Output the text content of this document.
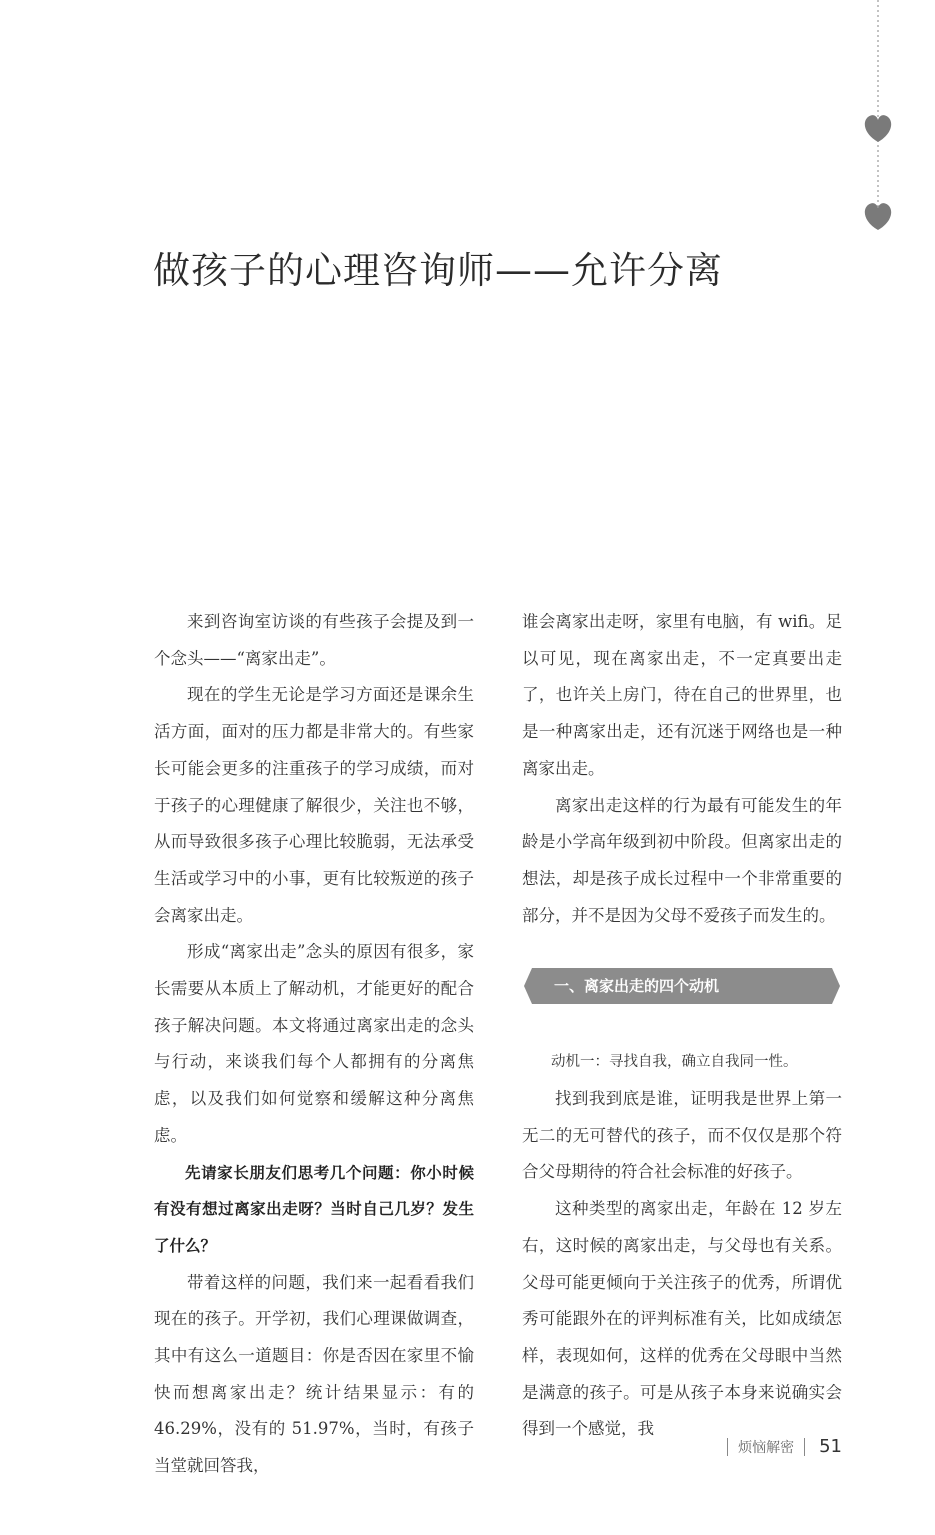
做孩子的心理咨询师——允许分离

来到咨询室访谈的有些孩子会提及到一个念头——“离家出走”。

现在的学生无论是学习方面还是课余生活方面，面对的压力都是非常大的。有些家长可能会更多的注重孩子的学习成绩，而对于孩子的心理健康了解很少，关注也不够，从而导致很多孩子心理比较脆弱，无法承受生活或学习中的小事，更有比较叛逆的孩子会离家出走。

形成“离家出走”念头的原因有很多，家长需要从本质上了解动机，才能更好的配合孩子解决问题。本文将通过离家出走的念头与行动，来谈我们每个人都拥有的分离焦虑，以及我们如何觉察和缓解这种分离焦虑。

先请家长朋友们思考几个问题：你小时候有没有想过离家出走呀？当时自己几岁？发生了什么？

带着这样的问题，我们来一起看看我们现在的孩子。开学初，我们心理课做调查，其中有这么一道题目：你是否因在家里不愉快而想离家出走？统计结果显示：有的 46.29%，没有的 51.97%，当时，有孩子当堂就回答我，

谁会离家出走呀，家里有电脑，有 wifi。足以可见，现在离家出走，不一定真要出走了，也许关上房门，待在自己的世界里，也是一种离家出走，还有沉迷于网络也是一种离家出走。

离家出走这样的行为最有可能发生的年龄是小学高年级到初中阶段。但离家出走的想法，却是孩子成长过程中一个非常重要的部分，并不是因为父母不爱孩子而发生的。

一、离家出走的四个动机

动机一：寻找自我，确立自我同一性。

找到我到底是谁，证明我是世界上第一无二的无可替代的孩子，而不仅仅是那个符合父母期待的符合社会标准的好孩子。

这种类型的离家出走，年龄在 12 岁左右，这时候的离家出走，与父母也有关系。父母可能更倾向于关注孩子的优秀，所谓优秀可能跟外在的评判标准有关，比如成绩怎样，表现如何，这样的优秀在父母眼中当然是满意的孩子。可是从孩子本身来说确实会得到一个感觉，我

烦恼解密 51
